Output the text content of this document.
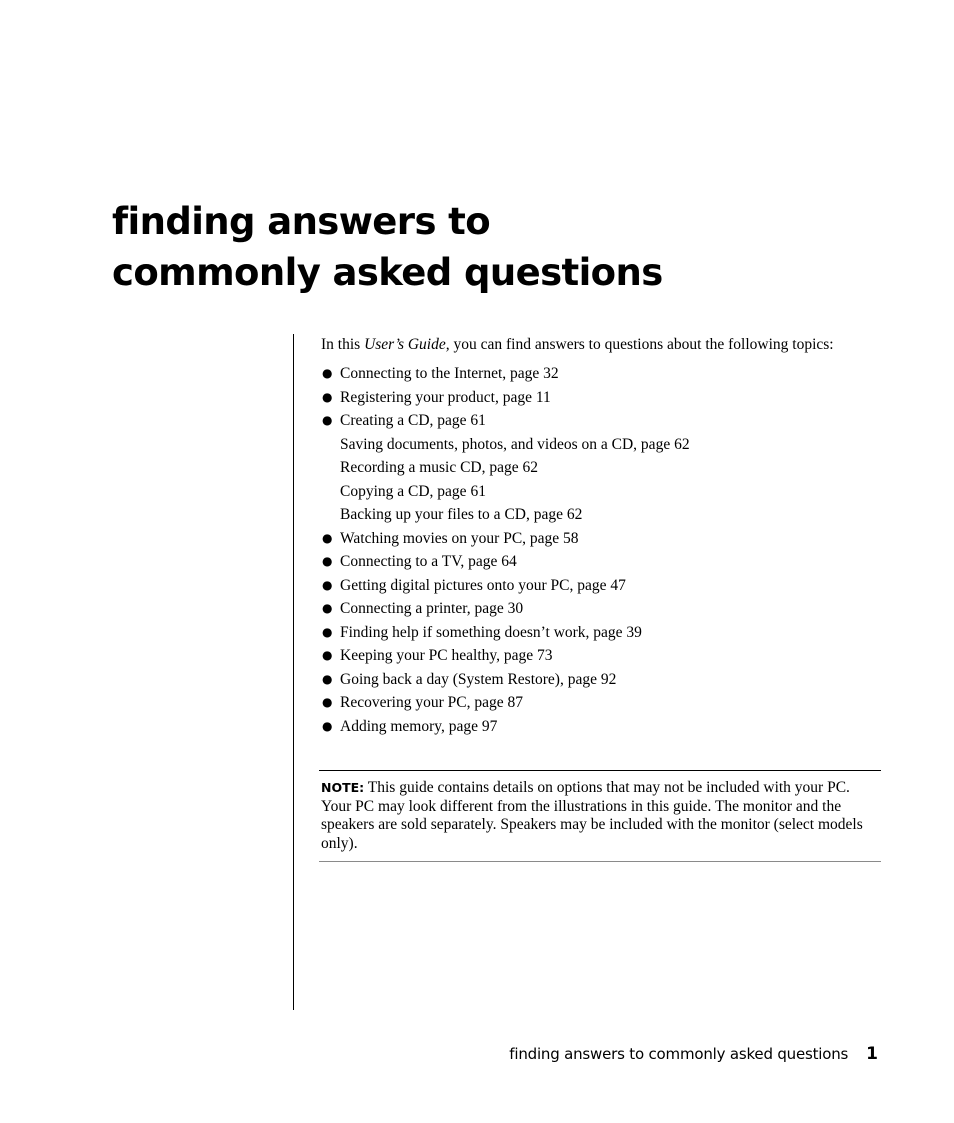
finding answers to
commonly asked questions

In this User’s Guide, you can find answers to questions about the following topics:

● Connecting to the Internet, page 32
● Registering your product, page 11
● Creating a CD, page 61
Saving documents, photos, and videos on a CD, page 62
Recording a music CD, page 62
Copying a CD, page 61
Backing up your files to a CD, page 62
● Watching movies on your PC, page 58
● Connecting to a TV, page 64
● Getting digital pictures onto your PC, page 47
● Connecting a printer, page 30
● Finding help if something doesn’t work, page 39
● Keeping your PC healthy, page 73
● Going back a day (System Restore), page 92
● Recovering your PC, page 87
● Adding memory, page 97
NOTE: This guide contains details on options that may not be included with your PC. Your PC may look different from the illustrations in this guide. The monitor and the speakers are sold separately. Speakers may be included with the monitor (select models only).
finding answers to commonly asked questions 1
